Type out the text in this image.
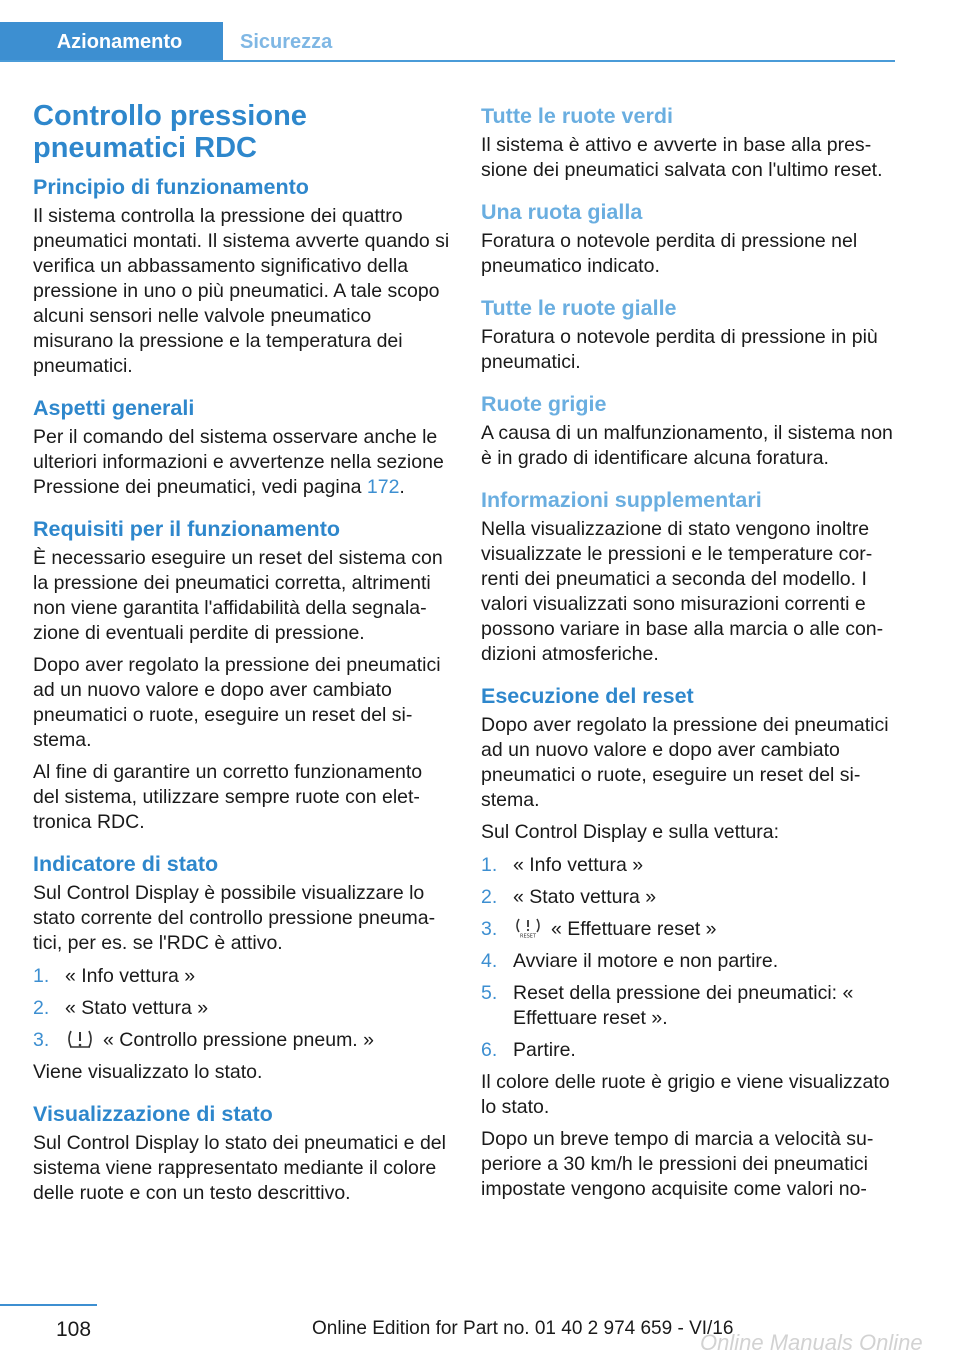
Azionamento	Sicurezza
Controllo pressione pneumatici RDC
Principio di funzionamento

Il sistema controlla la pressione dei quattro pneumatici montati. Il sistema avverte quando si verifica un abbassamento significativo della pressione in uno o più pneumatici. A tale scopo alcuni sensori nelle valvole pneumatico misurano la pressione e la temperatura dei pneumatici.

Aspetti generali

Per il comando del sistema osservare anche le ulteriori informazioni e avvertenze nella sezione Pressione dei pneumatici, vedi pagina 172.

Requisiti per il funzionamento

È necessario eseguire un reset del sistema con la pressione dei pneumatici corretta, altrimenti non viene garantita l'affidabilità della segnalazione di eventuali perdite di pressione.

Dopo aver regolato la pressione dei pneumatici ad un nuovo valore e dopo aver cambiato pneumatici o ruote, eseguire un reset del sistema.

Al fine di garantire un corretto funzionamento del sistema, utilizzare sempre ruote con elettronica RDC.

Indicatore di stato

Sul Control Display è possibile visualizzare lo stato corrente del controllo pressione pneumatici, per es. se l'RDC è attivo.

1. « Info vettura »
2. « Stato vettura »
3.	« Controllo pressione pneum. »

Viene visualizzato lo stato.

Visualizzazione di stato

Sul Control Display lo stato dei pneumatici e del sistema viene rappresentato mediante il colore delle ruote e con un testo descrittivo.

Tutte le ruote verdi

Il sistema è attivo e avverte in base alla pressione dei pneumatici salvata con l'ultimo reset.

Una ruota gialla

Foratura o notevole perdita di pressione nel pneumatico indicato.

Tutte le ruote gialle

Foratura o notevole perdita di pressione in più pneumatici.

Ruote grigie

A causa di un malfunzionamento, il sistema non è in grado di identificare alcuna foratura.

Informazioni supplementari

Nella visualizzazione di stato vengono inoltre visualizzate le pressioni e le temperature correnti dei pneumatici a seconda del modello. I valori visualizzati sono misurazioni correnti e possono variare in base alla marcia o alle condizioni atmosferiche.

Esecuzione del reset

Dopo aver regolato la pressione dei pneumatici ad un nuovo valore e dopo aver cambiato pneumatici o ruote, eseguire un reset del sistema.

Sul Control Display e sulla vettura:

1. « Info vettura »
2. « Stato vettura »
3.	RESET « Effettuare reset »
4. Avviare il motore e non partire.
5. Reset della pressione dei pneumatici: « Effettuare reset ».
6. Partire.

Il colore delle ruote è grigio e viene visualizzato lo stato.

Dopo un breve tempo di marcia a velocità superiore a 30 km/h le pressioni dei pneumatici impostate vengono acquisite come valori no-

108	Online Edition for Part no. 01 40 2 974 659 - VI/16
Online Manuals Online
